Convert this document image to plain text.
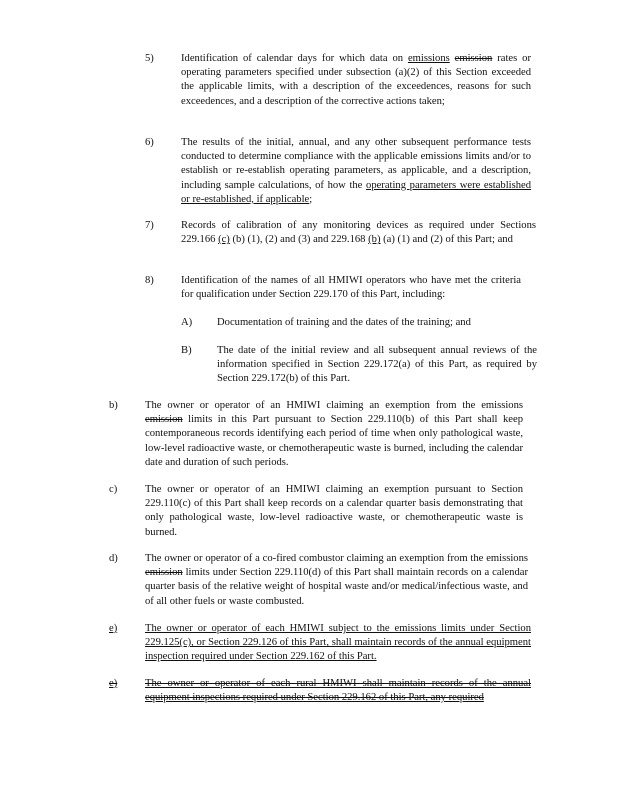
5)	Identification of calendar days for which data on emissions emission rates or operating parameters specified under subsection (a)(2) of this Section exceeded the applicable limits, with a description of the exceedences, reasons for such exceedences, and a description of the corrective actions taken;
6)	The results of the initial, annual, and any other subsequent performance tests conducted to determine compliance with the applicable emissions limits and/or to establish or re-establish operating parameters, as applicable, and a description, including sample calculations, of how the operating parameters were established or re-established, if applicable;
7)	Records of calibration of any monitoring devices as required under Sections 229.166 (c) (b) (1), (2) and (3) and 229.168 (b) (a) (1) and (2) of this Part; and
8)	Identification of the names of all HMIWI operators who have met the criteria for qualification under Section 229.170 of this Part, including:
A) Documentation of training and the dates of the training; and
B) The date of the initial review and all subsequent annual reviews of the information specified in Section 229.172(a) of this Part, as required by Section 229.172(b) of this Part.
b)	The owner or operator of an HMIWI claiming an exemption from the emissions emission limits in this Part pursuant to Section 229.110(b) of this Part shall keep contemporaneous records identifying each period of time when only pathological waste, low-level radioactive waste, or chemotherapeutic waste is burned, including the calendar date and duration of such periods.
c)	The owner or operator of an HMIWI claiming an exemption pursuant to Section 229.110(c) of this Part shall keep records on a calendar quarter basis demonstrating that only pathological waste, low-level radioactive waste, or chemotherapeutic waste is burned.
d)	The owner or operator of a co-fired combustor claiming an exemption from the emissions emission limits under Section 229.110(d) of this Part shall maintain records on a calendar quarter basis of the relative weight of hospital waste and/or medical/infectious waste, and of all other fuels or waste combusted.
e)	The owner or operator of each HMIWI subject to the emissions limits under Section 229.125(c), or Section 229.126 of this Part, shall maintain records of the annual equipment inspection required under Section 229.162 of this Part.
e)	The owner or operator of each rural HMIWI shall maintain records of the annual equipment inspections required under Section 229.162 of this Part, any required
